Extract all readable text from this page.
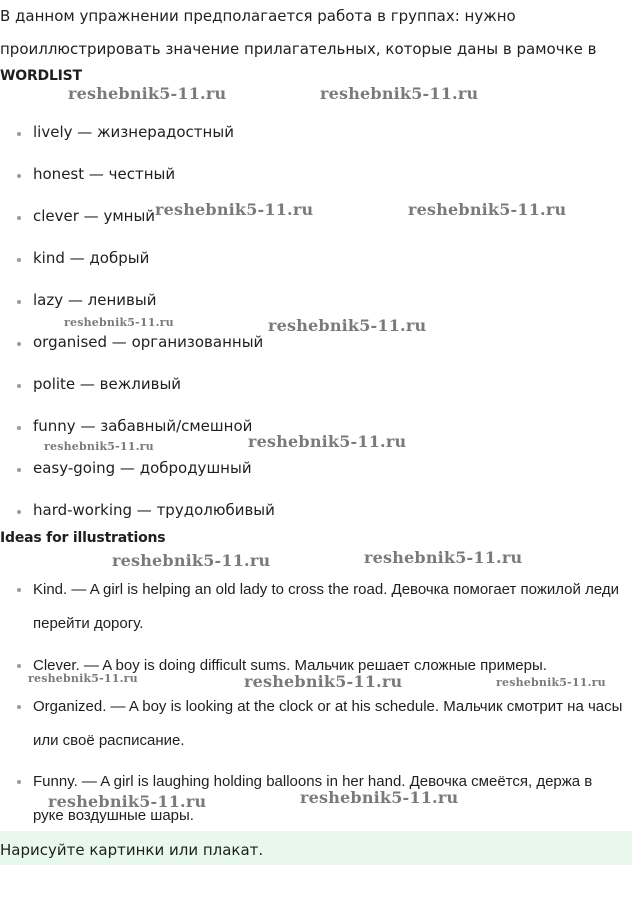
В данном упражнении предполагается работа в группах: нужно проиллюстрировать значение прилагательных, которые даны в рамочке в

WORDLIST

lively — жизнерадостный
honest — честный
clever — умный
kind — добрый
lazy — ленивый
organised — организованный
polite — вежливый
funny — забавный/смешной
easy-going — добродушный
hard-working — трудолюбивый

Ideas for illustrations

Kind. — A girl is helping an old lady to cross the road. Девочка помогает пожилой леди перейти дорогу.
Clever. — A boy is doing difficult sums. Мальчик решает сложные примеры.
Organized. — A boy is looking at the clock or at his schedule. Мальчик смотрит на часы или своё расписание.
Funny. — A girl is laughing holding balloons in her hand. Девочка смеётся, держа в руке воздушные шары.

Нарисуйте картинки или плакат.

reshebnik5-11.ru	reshebnik5-11.ru
reshebnik5-11.ru	reshebnik5-11.ru
reshebnik5-11.ru	reshebnik5-11.ru
reshebnik5-11.ru	reshebnik5-11.ru
reshebnik5-11.ru	reshebnik5-11.ru
reshebnik5-11.ru	reshebnik5-11.ru	reshebnik5-11.ru
reshebnik5-11.ru	reshebnik5-11.ru
